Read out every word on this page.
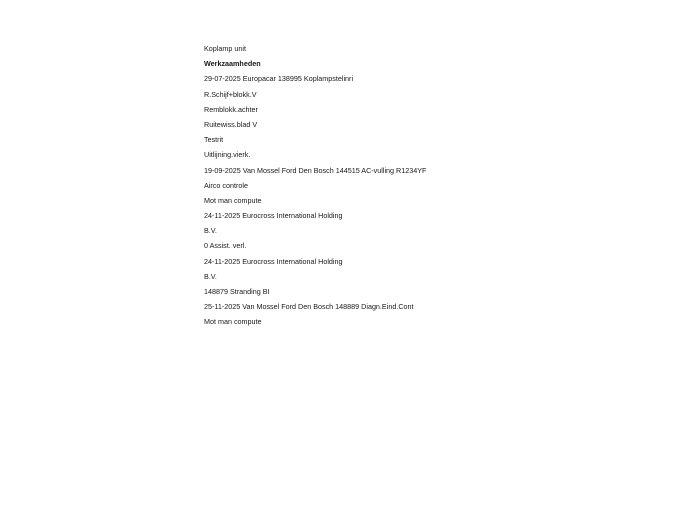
Koplamp unit
Werkzaamheden
29-07-2025 Europacar 138995 Koplampstelinri
R.Schijf+blokk.V
Remblokk.achter
Ruitewiss.blad V
Testrit
Uitlijning.vierk.
19-09-2025 Van Mossel Ford Den Bosch 144515 AC-vulling R1234YF
Airco controle
Mot man compute
24-11-2025 Eurocross International Holding
B.V.
0 Assist. verl.
24-11-2025 Eurocross International Holding
B.V.
148879 Stranding BI
25-11-2025 Van Mossel Ford Den Bosch 148889 Diagn.Eind.Cont
Mot man compute
